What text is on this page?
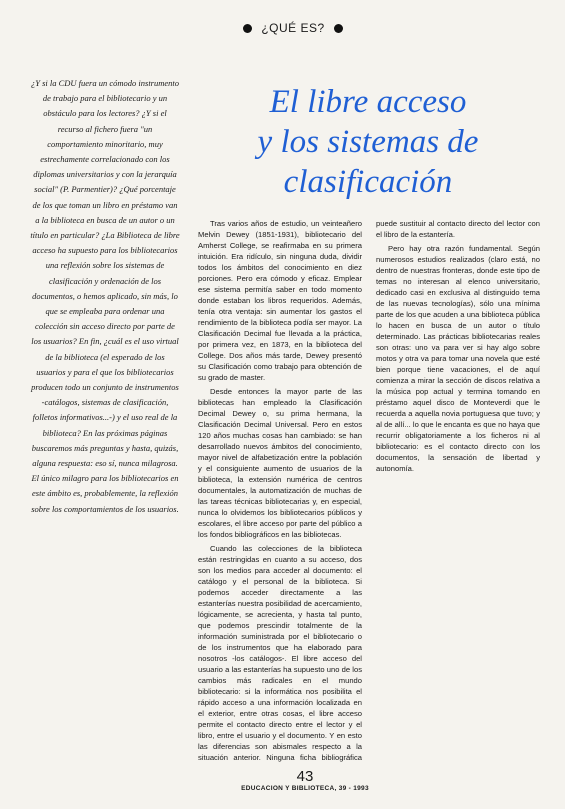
¿QUÉ ES?

¿Y si la CDU fuera un cómodo instrumento de trabajo para el bibliotecario y un obstáculo para los lectores? ¿Y si el recurso al fichero fuera "un comportamiento minoritario, muy estrechamente correlacionado con los diplomas universitarios y con la jerarquía social" (P. Parmentier)? ¿Qué porcentaje de los que toman un libro en préstamo van a la biblioteca en busca de un autor o un título en particular? ¿La Biblioteca de libre acceso ha supuesto para los bibliotecarios una reflexión sobre los sistemas de clasificación y ordenación de los documentos, o hemos aplicado, sin más, lo que se empleaba para ordenar una colección sin acceso directo por parte de los usuarios? En fin, ¿cuál es el uso virtual de la biblioteca (el esperado de los usuarios y para el que los bibliotecarios producen todo un conjunto de instrumentos -catálogos, sistemas de clasificación, folletos informativos...-) y el uso real de la biblioteca? En las próximas páginas buscaremos más preguntas y hasta, quizás, alguna respuesta: eso sí, nunca milagrosa. El único milagro para los bibliotecarios en este ámbito es, probablemente, la reflexión sobre los comportamientos de los usuarios.

El libre acceso
y los sistemas de
clasificación

Tras varios años de estudio, un veinteañero Melvin Dewey (1851-1931), bibliotecario del Amherst College, se reafirmaba en su primera intuición. Era ridículo, sin ninguna duda, dividir todos los ámbitos del conocimiento en diez porciones. Pero era cómodo y eficaz. Emplear ese sistema permitía saber en todo momento donde estaban los libros requeridos. Además, tenía otra ventaja: sin aumentar los gastos el rendimiento de la biblioteca podía ser mayor. La Clasificación Decimal fue llevada a la práctica, por primera vez, en 1873, en la biblioteca del College. Dos años más tarde, Dewey presentó su Clasificación como trabajo para obtención de su grado de master.

Desde entonces la mayor parte de las bibliotecas han empleado la Clasificación Decimal Dewey o, su prima hermana, la Clasificación Decimal Universal. Pero en estos 120 años muchas cosas han cambiado: se han desarrollado nuevos ámbitos del conocimiento, mayor nivel de alfabetización entre la población y el consiguiente aumento de usuarios de la biblioteca, la extensión numérica de centros documentales, la automatización de muchas de las tareas técnicas bibliotecarias y, en especial, nunca lo olvidemos los bibliotecarios públicos y escolares, el libre acceso por parte del público a los fondos bibliográficos en las bibliotecas.

Cuando las colecciones de la biblioteca están restringidas en cuanto a su acceso, dos son los medios para acceder al documento: el catálogo y el personal de la biblioteca. Si podemos acceder directamente a las estanterías nuestra posibilidad de acercamiento, lógicamente, se acrecienta, y hasta tal punto, que podemos prescindir totalmente de la información suministrada por el bibliotecario o de los instrumentos que ha elaborado para nosotros -los catálogos-. El libre acceso del usuario a las estanterías ha supuesto uno de los cambios más radicales en el mundo bibliotecario: si la informática nos posibilita el rápido acceso a una información localizada en el exterior, entre otras cosas, el libre acceso permite el contacto directo entre el lector y el libro, entre el usuario y el documento. Y en esto las diferencias son abismales respecto a la situación anterior. Ninguna ficha bibliográfica puede sustituir al contacto directo del lector con el libro de la estantería.

Pero hay otra razón fundamental. Según numerosos estudios realizados (claro está, no dentro de nuestras fronteras, donde este tipo de temas no interesan al elenco universitario, dedicado casi en exclusiva al distinguido tema de las nuevas tecnologías), sólo una mínima parte de los que acuden a una biblioteca pública lo hacen en busca de un autor o título determinado. Las prácticas bibliotecarias reales son otras: uno va para ver si hay algo sobre motos y otra va para tomar una novela que esté bien porque tiene vacaciones, el de aquí comienza a mirar la sección de discos relativa a la música pop actual y termina tomando en préstamo aquel disco de Monteverdi que le recuerda a aquella novia portuguesa que tuvo; y al de allí... lo que le encanta es que no haya que recurrir obligatoriamente a los ficheros ni al bibliotecario: es el contacto directo con los documentos, la sensación de libertad y autonomía.

43
EDUCACION Y BIBLIOTECA, 39 - 1993
